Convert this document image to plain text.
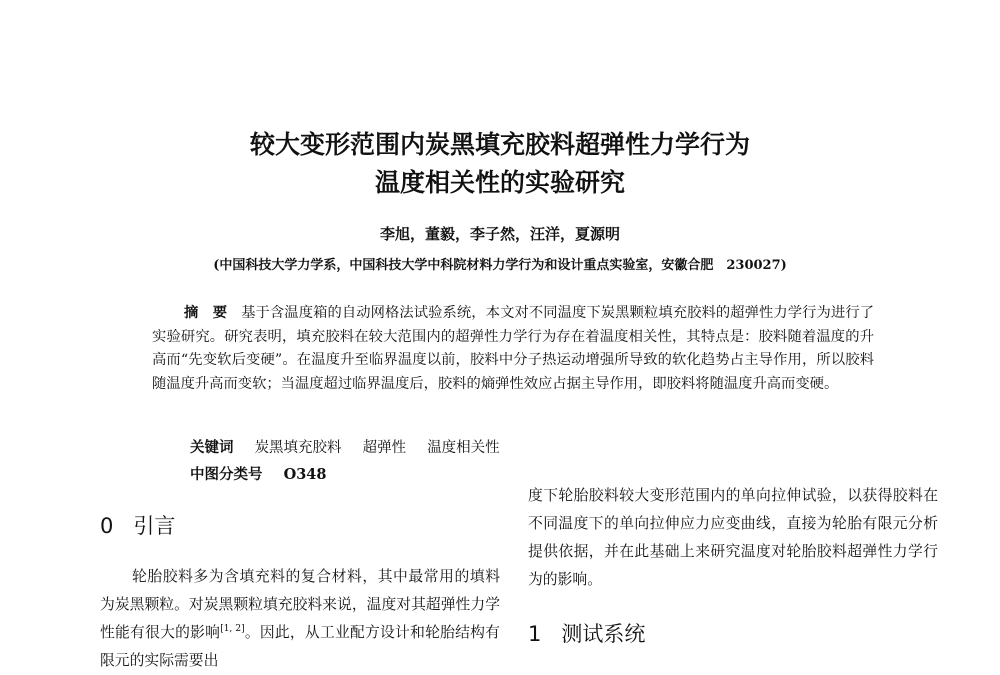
较大变形范围内炭黑填充胶料超弹性力学行为
温度相关性的实验研究
李旭，董毅，李子然，汪洋，夏源明
(中国科技大学力学系，中国科技大学中科院材料力学行为和设计重点实验室，安徽合肥　230027)
摘　要 基于含温度箱的自动网格法试验系统，本文对不同温度下炭黑颗粒填充胶料的超弹性力学行为进行了实验研究。研究表明，填充胶料在较大范围内的超弹性力学行为存在着温度相关性，其特点是：胶料随着温度的升高而“先变软后变硬”。在温度升至临界温度以前，胶料中分子热运动增强所导致的软化趋势占主导作用，所以胶料随温度升高而变软；当温度超过临界温度后，胶料的熵弹性效应占据主导作用，即胶料将随温度升高而变硬。
关键词 炭黑填充胶料 超弹性 温度相关性
中图分类号 O348
0 引言

轮胎胶料多为含填充料的复合材料，其中最常用的填料为炭黑颗粒。对炭黑颗粒填充胶料来说，温度对其超弹性力学性能有很大的影响[1, 2]。因此，从工业配方设计和轮胎结构有限元的实际需要出

度下轮胎胶料较大变形范围内的单向拉伸试验，以获得胶料在不同温度下的单向拉伸应力应变曲线，直接为轮胎有限元分析提供依据，并在此基础上来研究温度对轮胎胶料超弹性力学行为的影响。

1 测试系统
